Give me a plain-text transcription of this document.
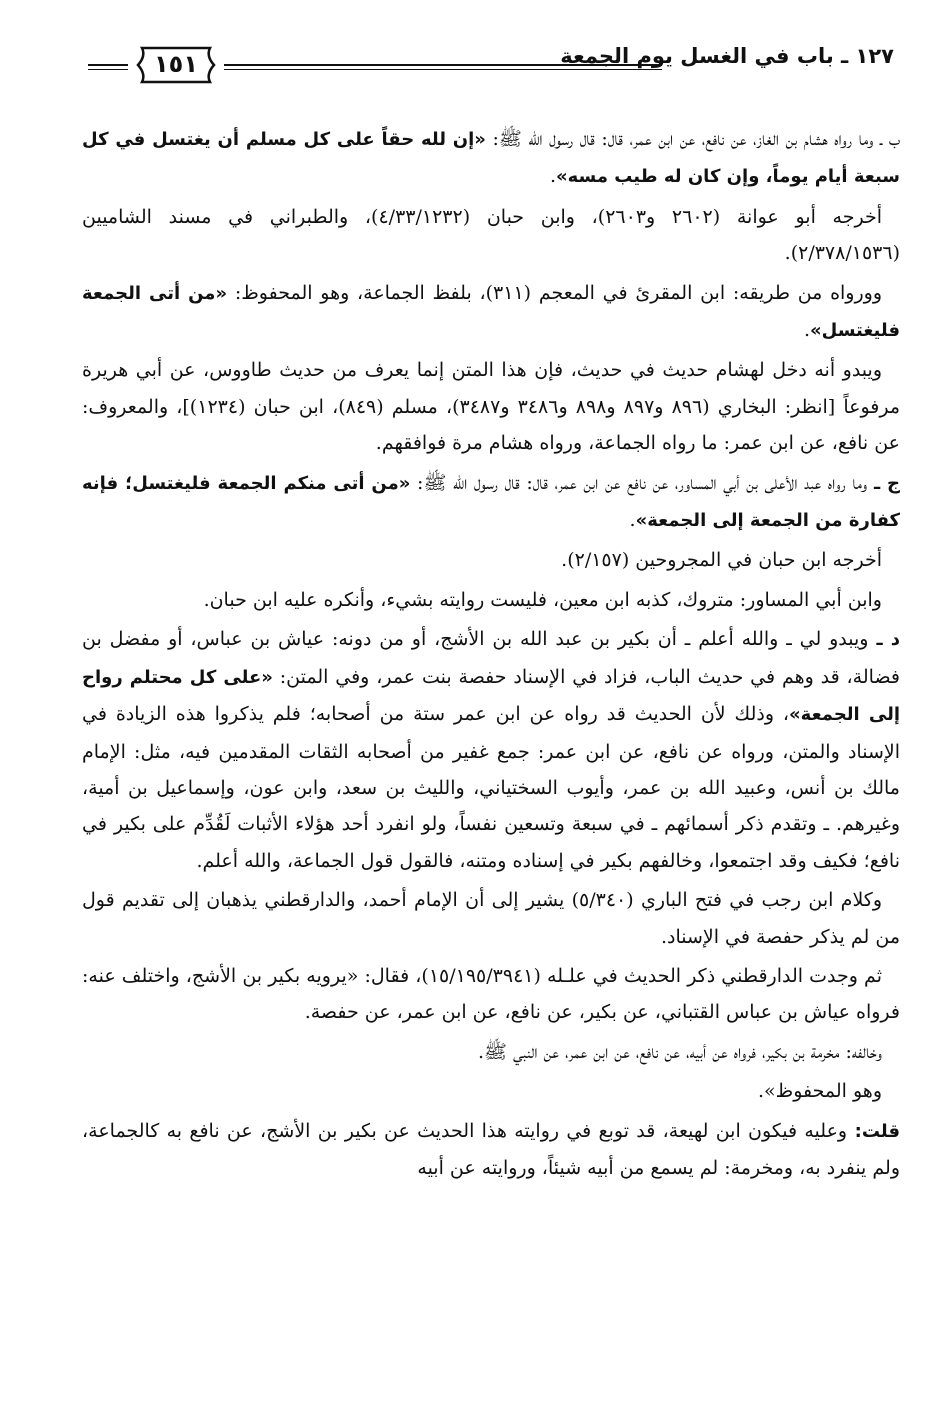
١٢٧ ـ باب في الغسل يوم الجمعة
١٥١

ب ـ وما رواه هشام بن الغاز، عن نافع، عن ابن عمر، قال: قال رسول الله ﷺ: «إن لله حقاً على كل مسلم أن يغتسل في كل سبعة أيام يوماً، وإن كان له طيب مسه».

أخرجه أبو عوانة (٢٦٠٢ و٢٦٠٣)، وابن حبان (٤/٣٣/١٢٣٢)، والطبراني في مسند الشاميين (٢/٣٧٨/١٥٣٦).

وورواه من طريقه: ابن المقرئ في المعجم (٣١١)، بلفظ الجماعة، وهو المحفوظ: «من أتى الجمعة فليغتسل».

ويبدو أنه دخل لهشام حديث في حديث، فإن هذا المتن إنما يعرف من حديث طاووس، عن أبي هريرة مرفوعاً [انظر: البخاري (٨٩٦ و٨٩٧ و٨٩٨ و٣٤٨٦ و٣٤٨٧)، مسلم (٨٤٩)، ابن حبان (١٢٣٤)]، والمعروف: عن نافع، عن ابن عمر: ما رواه الجماعة، ورواه هشام مرة فوافقهم.

ج ـ وما رواه عبد الأعلى بن أبي المساور، عن نافع عن ابن عمر، قال: قال رسول الله ﷺ: «من أتى منكم الجمعة فليغتسل؛ فإنه كفارة من الجمعة إلى الجمعة».

أخرجه ابن حبان في المجروحين (٢/١٥٧).

وابن أبي المساور: متروك، كذبه ابن معين، فليست روايته بشيء، وأنكره عليه ابن حبان.

د ـ ويبدو لي ـ والله أعلم ـ أن بكير بن عبد الله بن الأشج، أو من دونه: عياش بن عباس، أو مفضل بن فضالة، قد وهم في حديث الباب، فزاد في الإسناد حفصة بنت عمر، وفي المتن: «على كل محتلم رواح إلى الجمعة»، وذلك لأن الحديث قد رواه عن ابن عمر ستة من أصحابه؛ فلم يذكروا هذه الزيادة في الإسناد والمتن، ورواه عن نافع، عن ابن عمر: جمع غفير من أصحابه الثقات المقدمين فيه، مثل: الإمام مالك بن أنس، وعبيد الله بن عمر، وأيوب السختياني، والليث بن سعد، وابن عون، وإسماعيل بن أمية، وغيرهم. ـ وتقدم ذكر أسمائهم ـ في سبعة وتسعين نفساً، ولو انفرد أحد هؤلاء الأثبات لَقُدِّم على بكير في نافع؛ فكيف وقد اجتمعوا، وخالفهم بكير في إسناده ومتنه، فالقول قول الجماعة، والله أعلم.

وكلام ابن رجب في فتح الباري (٥/٣٤٠) يشير إلى أن الإمام أحمد، والدارقطني يذهبان إلى تقديم قول من لم يذكر حفصة في الإسناد.

ثم وجدت الدارقطني ذكر الحديث في علـله (١٥/١٩٥/٣٩٤١)، فقال: «يرويه بكير بن الأشج، واختلف عنه: فرواه عياش بن عباس القتباني، عن بكير، عن نافع، عن ابن عمر، عن حفصة.

وخالفه: مخرمة بن بكير، فرواه عن أبيه، عن نافع، عن ابن عمر، عن النبي ﷺ.

وهو المحفوظ».

قلت: وعليه فيكون ابن لهيعة، قد توبع في روايته هذا الحديث عن بكير بن الأشج، عن نافع به كالجماعة، ولم ينفرد به، ومخرمة: لم يسمع من أبيه شيئاً، وروايته عن أبيه
